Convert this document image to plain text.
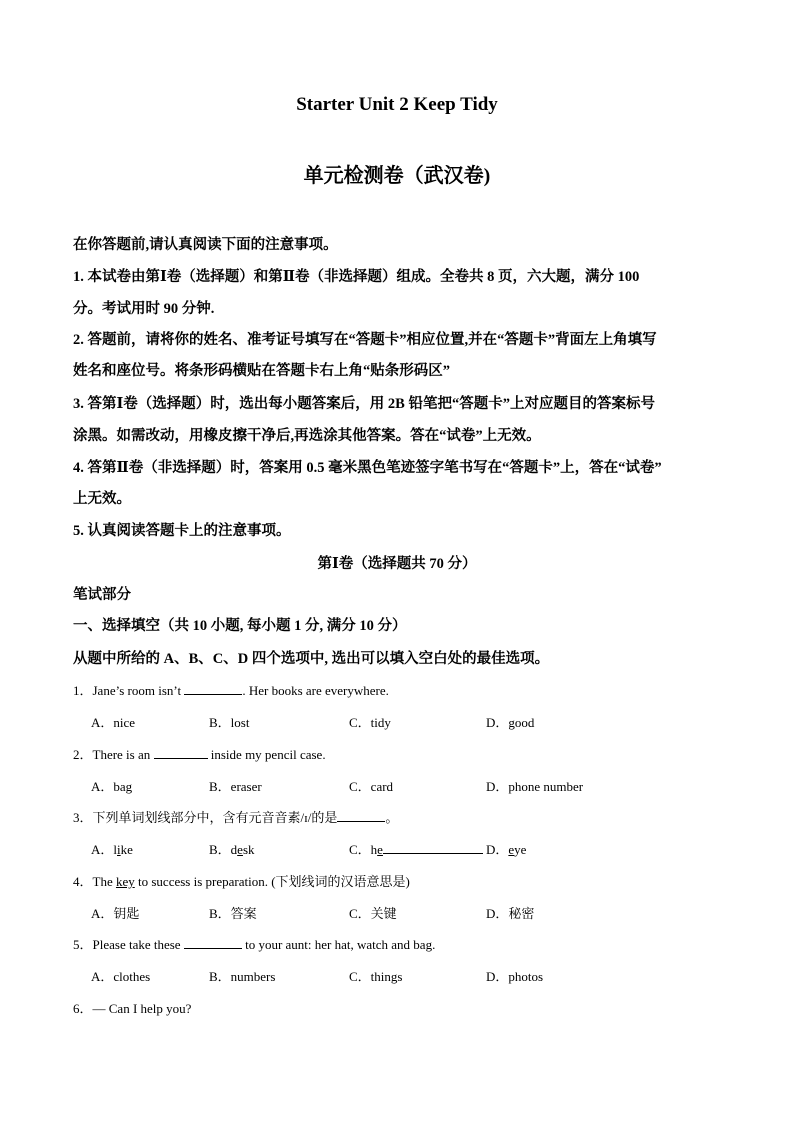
Starter Unit 2 Keep Tidy
单元检测卷（武汉卷)
在你答题前,请认真阅读下面的注意事项。
1. 本试卷由第Ⅰ卷（选择题）和第Ⅱ卷（非选择题）组成。全卷共 8 页，六大题，满分 100
分。考试用时 90 分钟.
2. 答题前，请将你的姓名、准考证号填写在“答题卡”相应位置,并在“答题卡”背面左上角填写
姓名和座位号。将条形码横贴在答题卡右上角“贴条形码区”
3. 答第Ⅰ卷（选择题）时，选出每小题答案后，用 2B 铅笔把“答题卡”上对应题目的答案标号
涂黑。如需改动，用橡皮擦干净后,再选涂其他答案。答在“试卷”上无效。
4. 答第Ⅱ卷（非选择题）时，答案用 0.5 毫米黑色笔迹签字笔书写在“答题卡”上，答在“试卷”
上无效。
5. 认真阅读答题卡上的注意事项。
第Ⅰ卷（选择题共 70 分）
笔试部分
一、选择填空（共 10 小题, 每小题 1 分, 满分 10 分）
从题中所给的 A、B、C、D 四个选项中, 选出可以填入空白处的最佳选项。
1．Jane’s room isn’t	. Her books are everywhere.
A．nice	B．lost	C．tidy	D．good
2．There is an	inside my pencil case.
A．bag	B．eraser	C．card	D．phone number
3．下列单词划线部分中，含有元音音素/ɪ/的是	。
A．like	B．desk	C．he	D．eye
4．The key to success is preparation. (下划线词的汉语意思是)
A．钥匙	B．答案	C．关键	D．秘密
5．Please take these	to your aunt: her hat, watch and bag.
A．clothes	B．numbers	C．things	D．photos
6．— Can I help you?
